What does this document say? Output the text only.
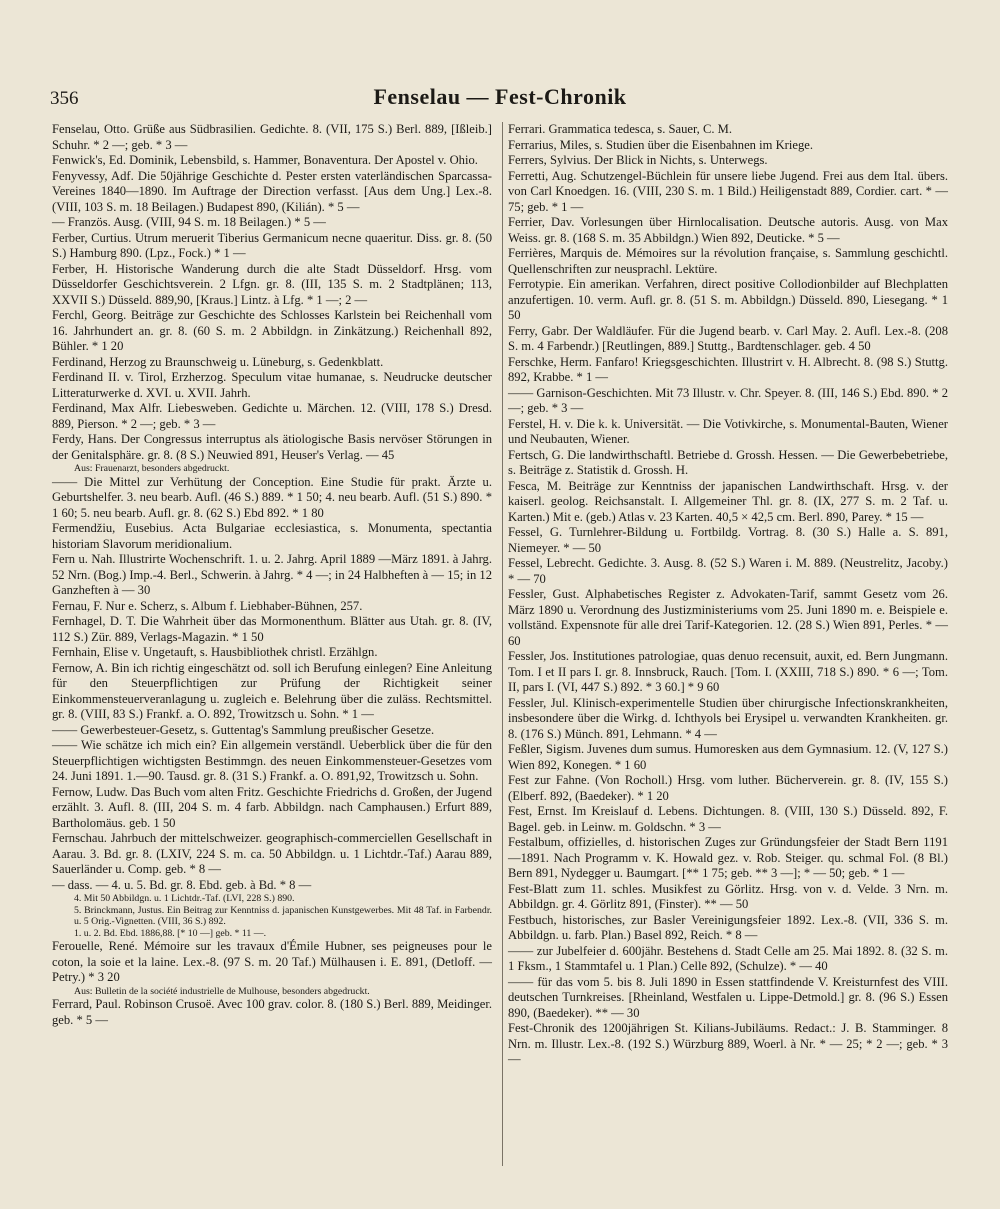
356	Fenselau — Fest-Chronik

Fenselau, Otto. Grüße aus Südbrasilien. Gedichte. 8. (VII, 175 S.) Berl. 889, [Ißleib.] Schuhr. * 2 —; geb. * 3 —

Fenwick's, Ed. Dominik, Lebensbild, s. Hammer, Bonaventura. Der Apostel v. Ohio.

Fenyvessy, Adf. Die 50jährige Geschichte d. Pester ersten vaterländischen Sparcassa-Vereines 1840—1890. Im Auftrage der Direction verfasst. [Aus dem Ung.] Lex.-8. (VIII, 103 S. m. 18 Beilagen.) Budapest 890, (Kilián). * 5 —

— Französ. Ausg. (VIII, 94 S. m. 18 Beilagen.) * 5 —

Ferber, Curtius. Utrum meruerit Tiberius Germanicum necne quaeritur. Diss. gr. 8. (50 S.) Hamburg 890. (Lpz., Fock.) * 1 —

Ferber, H. Historische Wanderung durch die alte Stadt Düsseldorf. Hrsg. vom Düsseldorfer Geschichtsverein. 2 Lfgn. gr. 8. (III, 135 S. m. 2 Stadtplänen; 113, XXVII S.) Düsseld. 889,90, [Kraus.] Lintz. à Lfg. * 1 —; 2 —

Ferchl, Georg. Beiträge zur Geschichte des Schlosses Karlstein bei Reichenhall vom 16. Jahrhundert an. gr. 8. (60 S. m. 2 Abbildgn. in Zinkätzung.) Reichenhall 892, Bühler. * 1 20

Ferdinand, Herzog zu Braunschweig u. Lüneburg, s. Gedenkblatt.

Ferdinand II. v. Tirol, Erzherzog. Speculum vitae humanae, s. Neudrucke deutscher Litteraturwerke d. XVI. u. XVII. Jahrh.

Ferdinand, Max Alfr. Liebesweben. Gedichte u. Märchen. 12. (VIII, 178 S.) Dresd. 889, Pierson. * 2 —; geb. * 3 —

Ferdy, Hans. Der Congressus interruptus als ätiologische Basis nervöser Störungen in der Genitalsphäre. gr. 8. (8 S.) Neuwied 891, Heuser's Verlag. — 45

Aus: Frauenarzt, besonders abgedruckt.

—— Die Mittel zur Verhütung der Conception. Eine Studie für prakt. Ärzte u. Geburtshelfer. 3. neu bearb. Aufl. (46 S.) 889. * 1 50; 4. neu bearb. Aufl. (51 S.) 890. * 1 60; 5. neu bearb. Aufl. gr. 8. (62 S.) Ebd 892. * 1 80

Fermendžiu, Eusebius. Acta Bulgariae ecclesiastica, s. Monumenta, spectantia historiam Slavorum meridionalium.

Fern u. Nah. Illustrirte Wochenschrift. 1. u. 2. Jahrg. April 1889 —März 1891. à Jahrg. 52 Nrn. (Bog.) Imp.-4. Berl., Schwerin. à Jahrg. * 4 —; in 24 Halbheften à — 15; in 12 Ganzheften à — 30

Fernau, F. Nur e. Scherz, s. Album f. Liebhaber-Bühnen, 257.

Fernhagel, D. T. Die Wahrheit über das Mormonenthum. Blätter aus Utah. gr. 8. (IV, 112 S.) Zür. 889, Verlags-Magazin. * 1 50

Fernhain, Elise v. Ungetauft, s. Hausbibliothek christl. Erzählgn.

Fernow, A. Bin ich richtig eingeschätzt od. soll ich Berufung einlegen? Eine Anleitung für den Steuerpflichtigen zur Prüfung der Richtigkeit seiner Einkommensteuerveranlagung u. zugleich e. Belehrung über die zuläss. Rechtsmittel. gr. 8. (VIII, 83 S.) Frankf. a. O. 892, Trowitzsch u. Sohn. * 1 —

—— Gewerbesteuer-Gesetz, s. Guttentag's Sammlung preußischer Gesetze.

—— Wie schätze ich mich ein? Ein allgemein verständl. Ueberblick über die für den Steuerpflichtigen wichtigsten Bestimmgn. des neuen Einkommensteuer-Gesetzes vom 24. Juni 1891. 1.—90. Tausd. gr. 8. (31 S.) Frankf. a. O. 891,92, Trowitzsch u. Sohn.

Fernow, Ludw. Das Buch vom alten Fritz. Geschichte Friedrichs d. Großen, der Jugend erzählt. 3. Aufl. 8. (III, 204 S. m. 4 farb. Abbildgn. nach Camphausen.) Erfurt 889, Bartholomäus. geb. 1 50

Fernschau. Jahrbuch der mittelschweizer. geographisch-commerciellen Gesellschaft in Aarau. 3. Bd. gr. 8. (LXIV, 224 S. m. ca. 50 Abbildgn. u. 1 Lichtdr.-Taf.) Aarau 889, Sauerländer u. Comp. geb. * 8 —

— dass. — 4. u. 5. Bd. gr. 8. Ebd. geb. à Bd. * 8 —

4. Mit 50 Abbildgn. u. 1 Lichtdr.-Taf. (LVI, 228 S.) 890.

5. Brinckmann, Justus. Ein Beitrag zur Kenntniss d. japanischen Kunstgewerbes. Mit 48 Taf. in Farbendr. u. 5 Orig.-Vignetten. (VIII, 36 S.) 892.

1. u. 2. Bd. Ebd. 1886,88. [* 10 —] geb. * 11 —.

Ferouelle, René. Mémoire sur les travaux d'Émile Hubner, ses peigneuses pour le coton, la soie et la laine. Lex.-8. (97 S. m. 20 Taf.) Mülhausen i. E. 891, (Detloff. — Petry.) * 3 20

Aus: Bulletin de la société industrielle de Mulhouse, besonders abgedruckt.

Ferrard, Paul. Robinson Crusoë. Avec 100 grav. color. 8. (180 S.) Berl. 889, Meidinger. geb. * 5 —

Ferrari. Grammatica tedesca, s. Sauer, C. M.

Ferrarius, Miles, s. Studien über die Eisenbahnen im Kriege.

Ferrers, Sylvius. Der Blick in Nichts, s. Unterwegs.

Ferretti, Aug. Schutzengel-Büchlein für unsere liebe Jugend. Frei aus dem Ital. übers. von Carl Knoedgen. 16. (VIII, 230 S. m. 1 Bild.) Heiligenstadt 889, Cordier. cart. * — 75; geb. * 1 —

Ferrier, Dav. Vorlesungen über Hirnlocalisation. Deutsche autoris. Ausg. von Max Weiss. gr. 8. (168 S. m. 35 Abbildgn.) Wien 892, Deuticke. * 5 —

Ferrières, Marquis de. Mémoires sur la révolution française, s. Sammlung geschichtl. Quellenschriften zur neusprachl. Lektüre.

Ferrotypie. Ein amerikan. Verfahren, direct positive Collodionbilder auf Blechplatten anzufertigen. 10. verm. Aufl. gr. 8. (51 S. m. Abbildgn.) Düsseld. 890, Liesegang. * 1 50

Ferry, Gabr. Der Waldläufer. Für die Jugend bearb. v. Carl May. 2. Aufl. Lex.-8. (208 S. m. 4 Farbendr.) [Reutlingen, 889.] Stuttg., Bardtenschlager. geb. 4 50

Ferschke, Herm. Fanfaro! Kriegsgeschichten. Illustrirt v. H. Albrecht. 8. (98 S.) Stuttg. 892, Krabbe. * 1 —

—— Garnison-Geschichten. Mit 73 Illustr. v. Chr. Speyer. 8. (III, 146 S.) Ebd. 890. * 2 —; geb. * 3 —

Ferstel, H. v. Die k. k. Universität. — Die Votivkirche, s. Monumental-Bauten, Wiener und Neubauten, Wiener.

Fertsch, G. Die landwirthschaftl. Betriebe d. Grossh. Hessen. — Die Gewerbebetriebe, s. Beiträge z. Statistik d. Grossh. H.

Fesca, M. Beiträge zur Kenntniss der japanischen Landwirthschaft. Hrsg. v. der kaiserl. geolog. Reichsanstalt. I. Allgemeiner Thl. gr. 8. (IX, 277 S. m. 2 Taf. u. Karten.) Mit e. (geb.) Atlas v. 23 Karten. 40,5 × 42,5 cm. Berl. 890, Parey. * 15 —

Fessel, G. Turnlehrer-Bildung u. Fortbildg. Vortrag. 8. (30 S.) Halle a. S. 891, Niemeyer. * — 50

Fessel, Lebrecht. Gedichte. 3. Ausg. 8. (52 S.) Waren i. M. 889. (Neustrelitz, Jacoby.) * — 70

Fessler, Gust. Alphabetisches Register z. Advokaten-Tarif, sammt Gesetz vom 26. März 1890 u. Verordnung des Justizministeriums vom 25. Juni 1890 m. e. Beispiele e. vollständ. Expensnote für alle drei Tarif-Kategorien. 12. (28 S.) Wien 891, Perles. * — 60

Fessler, Jos. Institutiones patrologiae, quas denuo recensuit, auxit, ed. Bern Jungmann. Tom. I et II pars I. gr. 8. Innsbruck, Rauch. [Tom. I. (XXIII, 718 S.) 890. * 6 —; Tom. II, pars I. (VI, 447 S.) 892. * 3 60.] * 9 60

Fessler, Jul. Klinisch-experimentelle Studien über chirurgische Infectionskrankheiten, insbesondere über die Wirkg. d. Ichthyols bei Erysipel u. verwandten Krankheiten. gr. 8. (176 S.) Münch. 891, Lehmann. * 4 —

Feßler, Sigism. Juvenes dum sumus. Humoresken aus dem Gymnasium. 12. (V, 127 S.) Wien 892, Konegen. * 1 60

Fest zur Fahne. (Von Rocholl.) Hrsg. vom luther. Bücherverein. gr. 8. (IV, 155 S.) (Elberf. 892, (Baedeker). * 1 20

Fest, Ernst. Im Kreislauf d. Lebens. Dichtungen. 8. (VIII, 130 S.) Düsseld. 892, F. Bagel. geb. in Leinw. m. Goldschn. * 3 —

Festalbum, offizielles, d. historischen Zuges zur Gründungsfeier der Stadt Bern 1191—1891. Nach Programm v. K. Howald gez. v. Rob. Steiger. qu. schmal Fol. (8 Bl.) Bern 891, Nydegger u. Baumgart. [** 1 75; geb. ** 3 —]; * — 50; geb. * 1 —

Fest-Blatt zum 11. schles. Musikfest zu Görlitz. Hrsg. von v. d. Velde. 3 Nrn. m. Abbildgn. gr. 4. Görlitz 891, (Finster). ** — 50

Festbuch, historisches, zur Basler Vereinigungsfeier 1892. Lex.-8. (VII, 336 S. m. Abbildgn. u. farb. Plan.) Basel 892, Reich. * 8 —

—— zur Jubelfeier d. 600jähr. Bestehens d. Stadt Celle am 25. Mai 1892. 8. (32 S. m. 1 Fksm., 1 Stammtafel u. 1 Plan.) Celle 892, (Schulze). * — 40

—— für das vom 5. bis 8. Juli 1890 in Essen stattfindende V. Kreisturnfest des VIII. deutschen Turnkreises. [Rheinland, Westfalen u. Lippe-Detmold.] gr. 8. (96 S.) Essen 890, (Baedeker). ** — 30

Fest-Chronik des 1200jährigen St. Kilians-Jubiläums. Redact.: J. B. Stamminger. 8 Nrn. m. Illustr. Lex.-8. (192 S.) Würzburg 889, Woerl. à Nr. * — 25; * 2 —; geb. * 3 —
